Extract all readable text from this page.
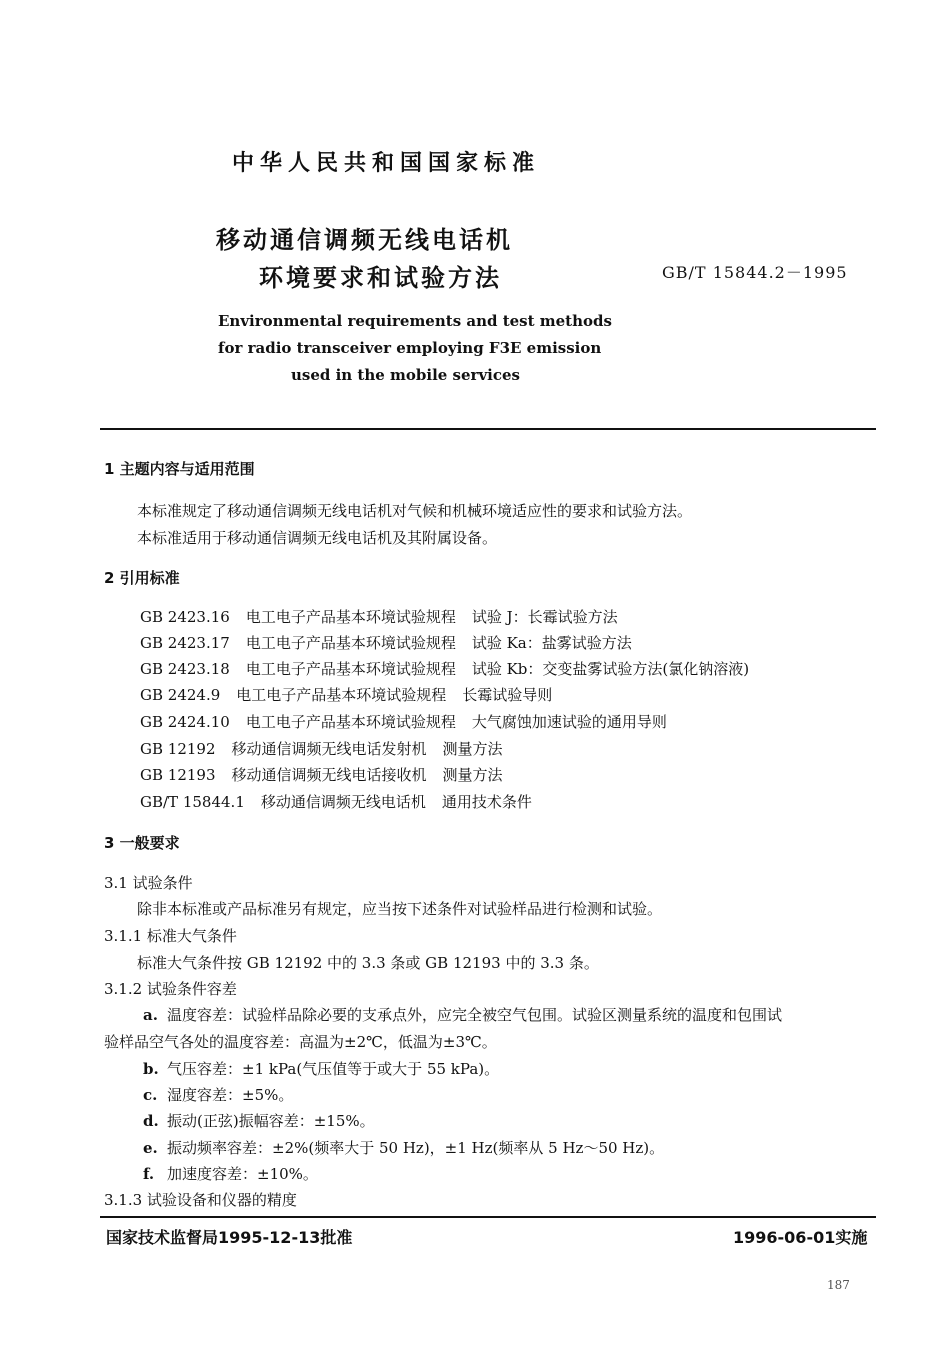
中华人民共和国国家标准
移动通信调频无线电话机
环境要求和试验方法	GB/T 15844.2－1995
Environmental requirements and test methods
for radio transceiver employing F3E emission
used in the mobile services
1 主题内容与适用范围
本标准规定了移动通信调频无线电话机对气候和机械环境适应性的要求和试验方法。
本标准适用于移动通信调频无线电话机及其附属设备。
2 引用标准
GB 2423.16 电工电子产品基本环境试验规程 试验 J：长霉试验方法
GB 2423.17 电工电子产品基本环境试验规程 试验 Ka：盐雾试验方法
GB 2423.18 电工电子产品基本环境试验规程 试验 Kb：交变盐雾试验方法(氯化钠溶液)
GB 2424.9 电工电子产品基本环境试验规程 长霉试验导则
GB 2424.10 电工电子产品基本环境试验规程 大气腐蚀加速试验的通用导则
GB 12192 移动通信调频无线电话发射机 测量方法
GB 12193 移动通信调频无线电话接收机 测量方法
GB/T 15844.1 移动通信调频无线电话机 通用技术条件
3 一般要求
3.1 试验条件
除非本标准或产品标准另有规定，应当按下述条件对试验样品进行检测和试验。
3.1.1 标准大气条件
标准大气条件按 GB 12192 中的 3.3 条或 GB 12193 中的 3.3 条。
3.1.2 试验条件容差
a. 温度容差：试验样品除必要的支承点外，应完全被空气包围。试验区测量系统的温度和包围试
验样品空气各处的温度容差：高温为±2℃，低温为±3℃。
b. 气压容差：±1 kPa(气压值等于或大于 55 kPa)。
c. 湿度容差：±5%。
d. 振动(正弦)振幅容差：±15%。
e. 振动频率容差：±2%(频率大于 50 Hz)，±1 Hz(频率从 5 Hz～50 Hz)。
f. 加速度容差：±10%。
3.1.3 试验设备和仪器的精度
国家技术监督局1995-12-13批准	1996-06-01实施
187
